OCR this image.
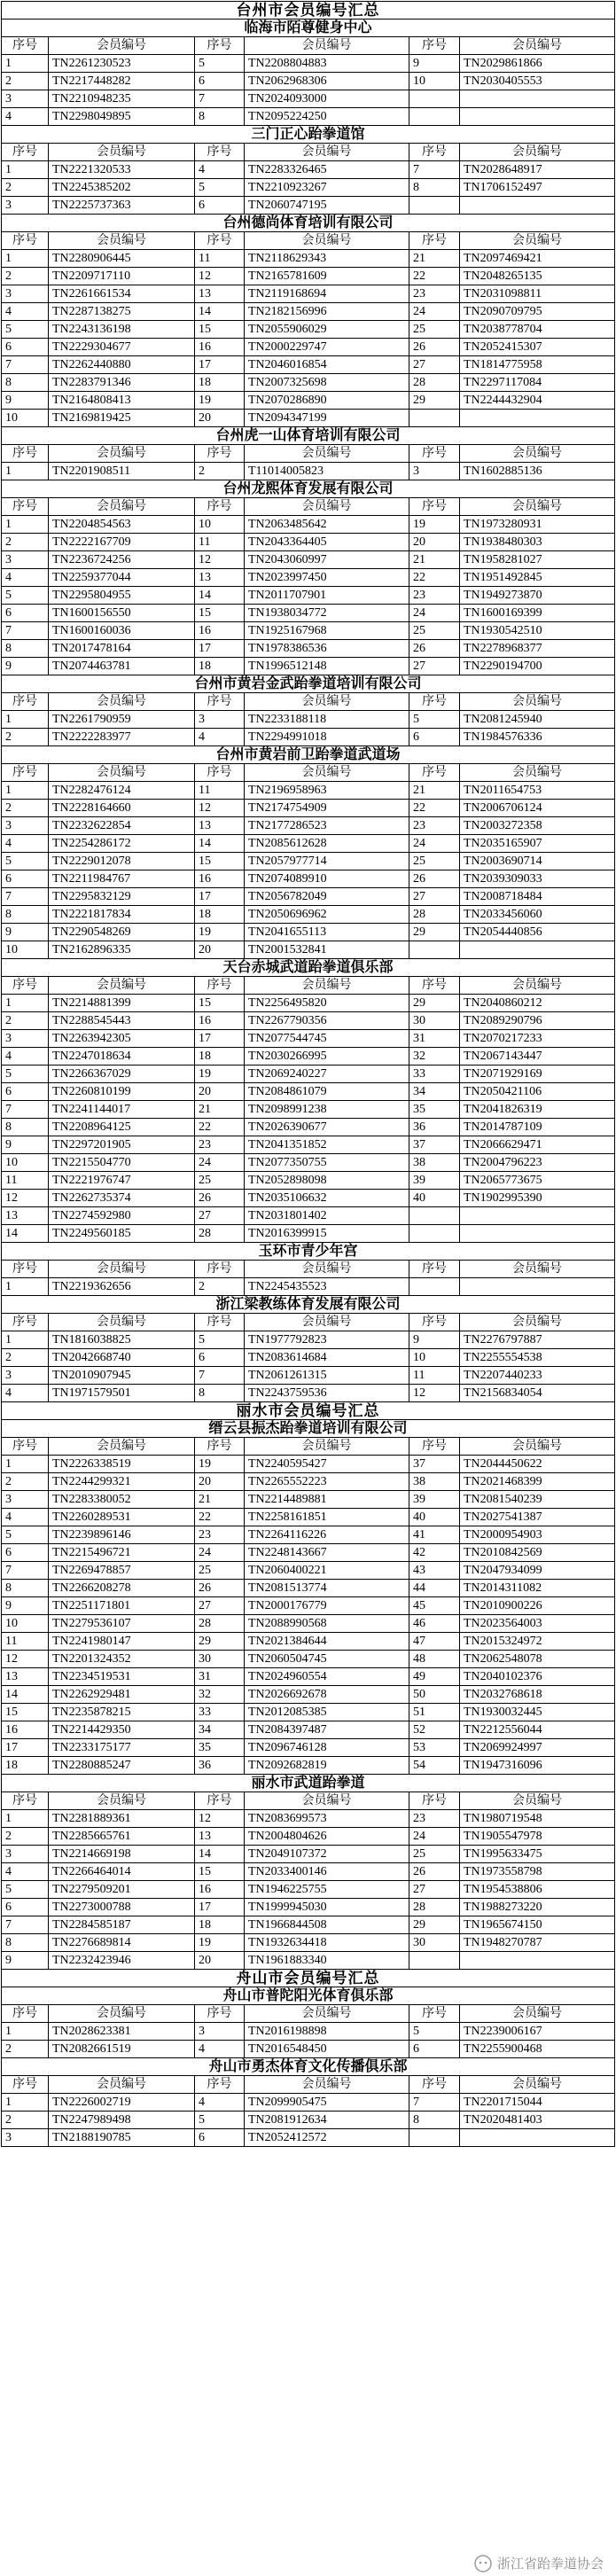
台州市会员编号汇总
临海市陌尊健身中心
序号	会员编号	序号	会员编号	序号	会员编号
1	TN2261230523	5	TN2208804883	9	TN2029861866
2	TN2217448282	6	TN2062968306	10	TN2030405553
3	TN2210948235	7	TN2024093000
4	TN2298049895	8	TN2095224250
三门正心跆拳道馆
序号	会员编号	序号	会员编号	序号	会员编号
1	TN2221320533	4	TN2283326465	7	TN2028648917
2	TN2245385202	5	TN2210923267	8	TN1706152497
3	TN2225737363	6	TN2060747195
台州德尚体育培训有限公司
序号	会员编号	序号	会员编号	序号	会员编号
1	TN2280906445	11	TN2118629343	21	TN2097469421
2	TN2209717110	12	TN2165781609	22	TN2048265135
3	TN2261661534	13	TN2119168694	23	TN2031098811
4	TN2287138275	14	TN2182156996	24	TN2090709795
5	TN2243136198	15	TN2055906029	25	TN2038778704
6	TN2229304677	16	TN2000229747	26	TN2052415307
7	TN2262440880	17	TN2046016854	27	TN1814775958
8	TN2283791346	18	TN2007325698	28	TN2297117084
9	TN2164808413	19	TN2070286890	29	TN2244432904
10	TN2169819425	20	TN2094347199
台州虎一山体育培训有限公司
序号	会员编号	序号	会员编号	序号	会员编号
1	TN2201908511	2	T11014005823	3	TN1602885136
台州龙熙体育发展有限公司
序号	会员编号	序号	会员编号	序号	会员编号
1	TN2204854563	10	TN2063485642	19	TN1973280931
2	TN2222167709	11	TN2043364405	20	TN1938480303
3	TN2236724256	12	TN2043060997	21	TN1958281027
4	TN2259377044	13	TN2023997450	22	TN1951492845
5	TN2295804955	14	TN2011707901	23	TN1949273870
6	TN1600156550	15	TN1938034772	24	TN1600169399
7	TN1600160036	16	TN1925167968	25	TN1930542510
8	TN2017478164	17	TN1978386536	26	TN2278968377
9	TN2074463781	18	TN1996512148	27	TN2290194700
台州市黄岩金武跆拳道培训有限公司
序号	会员编号	序号	会员编号	序号	会员编号
1	TN2261790959	3	TN2233188118	5	TN2081245940
2	TN2222283977	4	TN2294991018	6	TN1984576336
台州市黄岩前卫跆拳道武道场
序号	会员编号	序号	会员编号	序号	会员编号
1	TN2282476124	11	TN2196958963	21	TN2011654753
2	TN2228164660	12	TN2174754909	22	TN2006706124
3	TN2232622854	13	TN2177286523	23	TN2003272358
4	TN2254286172	14	TN2085612628	24	TN2035165907
5	TN2229012078	15	TN2057977714	25	TN2003690714
6	TN2211984767	16	TN2074089910	26	TN2039309033
7	TN2295832129	17	TN2056782049	27	TN2008718484
8	TN2221817834	18	TN2050696962	28	TN2033456060
9	TN2290548269	19	TN2041655113	29	TN2054440856
10	TN2162896335	20	TN2001532841
天台赤城武道跆拳道俱乐部
序号	会员编号	序号	会员编号	序号	会员编号
1	TN2214881399	15	TN2256495820	29	TN2040860212
2	TN2288545443	16	TN2267790356	30	TN2089290796
3	TN2263942305	17	TN2077544745	31	TN2070217233
4	TN2247018634	18	TN2030266995	32	TN2067143447
5	TN2266367029	19	TN2069240227	33	TN2071929169
6	TN2260810199	20	TN2084861079	34	TN2050421106
7	TN2241144017	21	TN2098991238	35	TN2041826319
8	TN2208964125	22	TN2026390677	36	TN2014787109
9	TN2297201905	23	TN2041351852	37	TN2066629471
10	TN2215504770	24	TN2077350755	38	TN2004796223
11	TN2221976747	25	TN2052898098	39	TN2065773675
12	TN2262735374	26	TN2035106632	40	TN1902995390
13	TN2274592980	27	TN2031801402
14	TN2249560185	28	TN2016399915
玉环市青少年宫
序号	会员编号	序号	会员编号	序号	会员编号
1	TN2219362656	2	TN2245435523
浙江梁教练体育发展有限公司
序号	会员编号	序号	会员编号	序号	会员编号
1	TN1816038825	5	TN1977792823	9	TN2276797887
2	TN2042668740	6	TN2083614684	10	TN2255554538
3	TN2010907945	7	TN2061261315	11	TN2207440233
4	TN1971579501	8	TN2243759536	12	TN2156834054
丽水市会员编号汇总
缙云县振杰跆拳道培训有限公司
序号	会员编号	序号	会员编号	序号	会员编号
1	TN2226338519	19	TN2240595427	37	TN2044450622
2	TN2244299321	20	TN2265552223	38	TN2021468399
3	TN2283380052	21	TN2214489881	39	TN2081540239
4	TN2260289531	22	TN2258161851	40	TN2027541387
5	TN2239896146	23	TN2264116226	41	TN2000954903
6	TN2215496721	24	TN2248143667	42	TN2010842569
7	TN2269478857	25	TN2060400221	43	TN2047934099
8	TN2266208278	26	TN2081513774	44	TN2014311082
9	TN2251171801	27	TN2000176779	45	TN2010900226
10	TN2279536107	28	TN2088990568	46	TN2023564003
11	TN2241980147	29	TN2021384644	47	TN2015324972
12	TN2201324352	30	TN2060504745	48	TN2062548078
13	TN2234519531	31	TN2024960554	49	TN2040102376
14	TN2262929481	32	TN2026692678	50	TN2032768618
15	TN2235878215	33	TN2012085385	51	TN1930032445
16	TN2214429350	34	TN2084397487	52	TN2212556044
17	TN2233175177	35	TN2096746128	53	TN2069924997
18	TN2280885247	36	TN2092682819	54	TN1947316096
丽水市武道跆拳道
序号	会员编号	序号	会员编号	序号	会员编号
1	TN2281889361	12	TN2083699573	23	TN1980719548
2	TN2285665761	13	TN2004804626	24	TN1905547978
3	TN2214669198	14	TN2049107372	25	TN1995633475
4	TN2266464014	15	TN2033400146	26	TN1973558798
5	TN2279509201	16	TN1946225755	27	TN1954538806
6	TN2273000788	17	TN1999945030	28	TN1988273220
7	TN2284585187	18	TN1966844508	29	TN1965674150
8	TN2276689814	19	TN1932634418	30	TN1948270787
9	TN2232423946	20	TN1961883340
舟山市会员编号汇总
舟山市普陀阳光体育俱乐部
序号	会员编号	序号	会员编号	序号	会员编号
1	TN2028623381	3	TN2016198898	5	TN2239006167
2	TN2082661519	4	TN2016548450	6	TN2255900468
舟山市勇杰体育文化传播俱乐部
序号	会员编号	序号	会员编号	序号	会员编号
1	TN2226002719	4	TN2099905475	7	TN2201715044
2	TN2247989498	5	TN2081912634	8	TN2020481403
3	TN2188190785	6	TN2052412572
浙江省跆拳道协会
